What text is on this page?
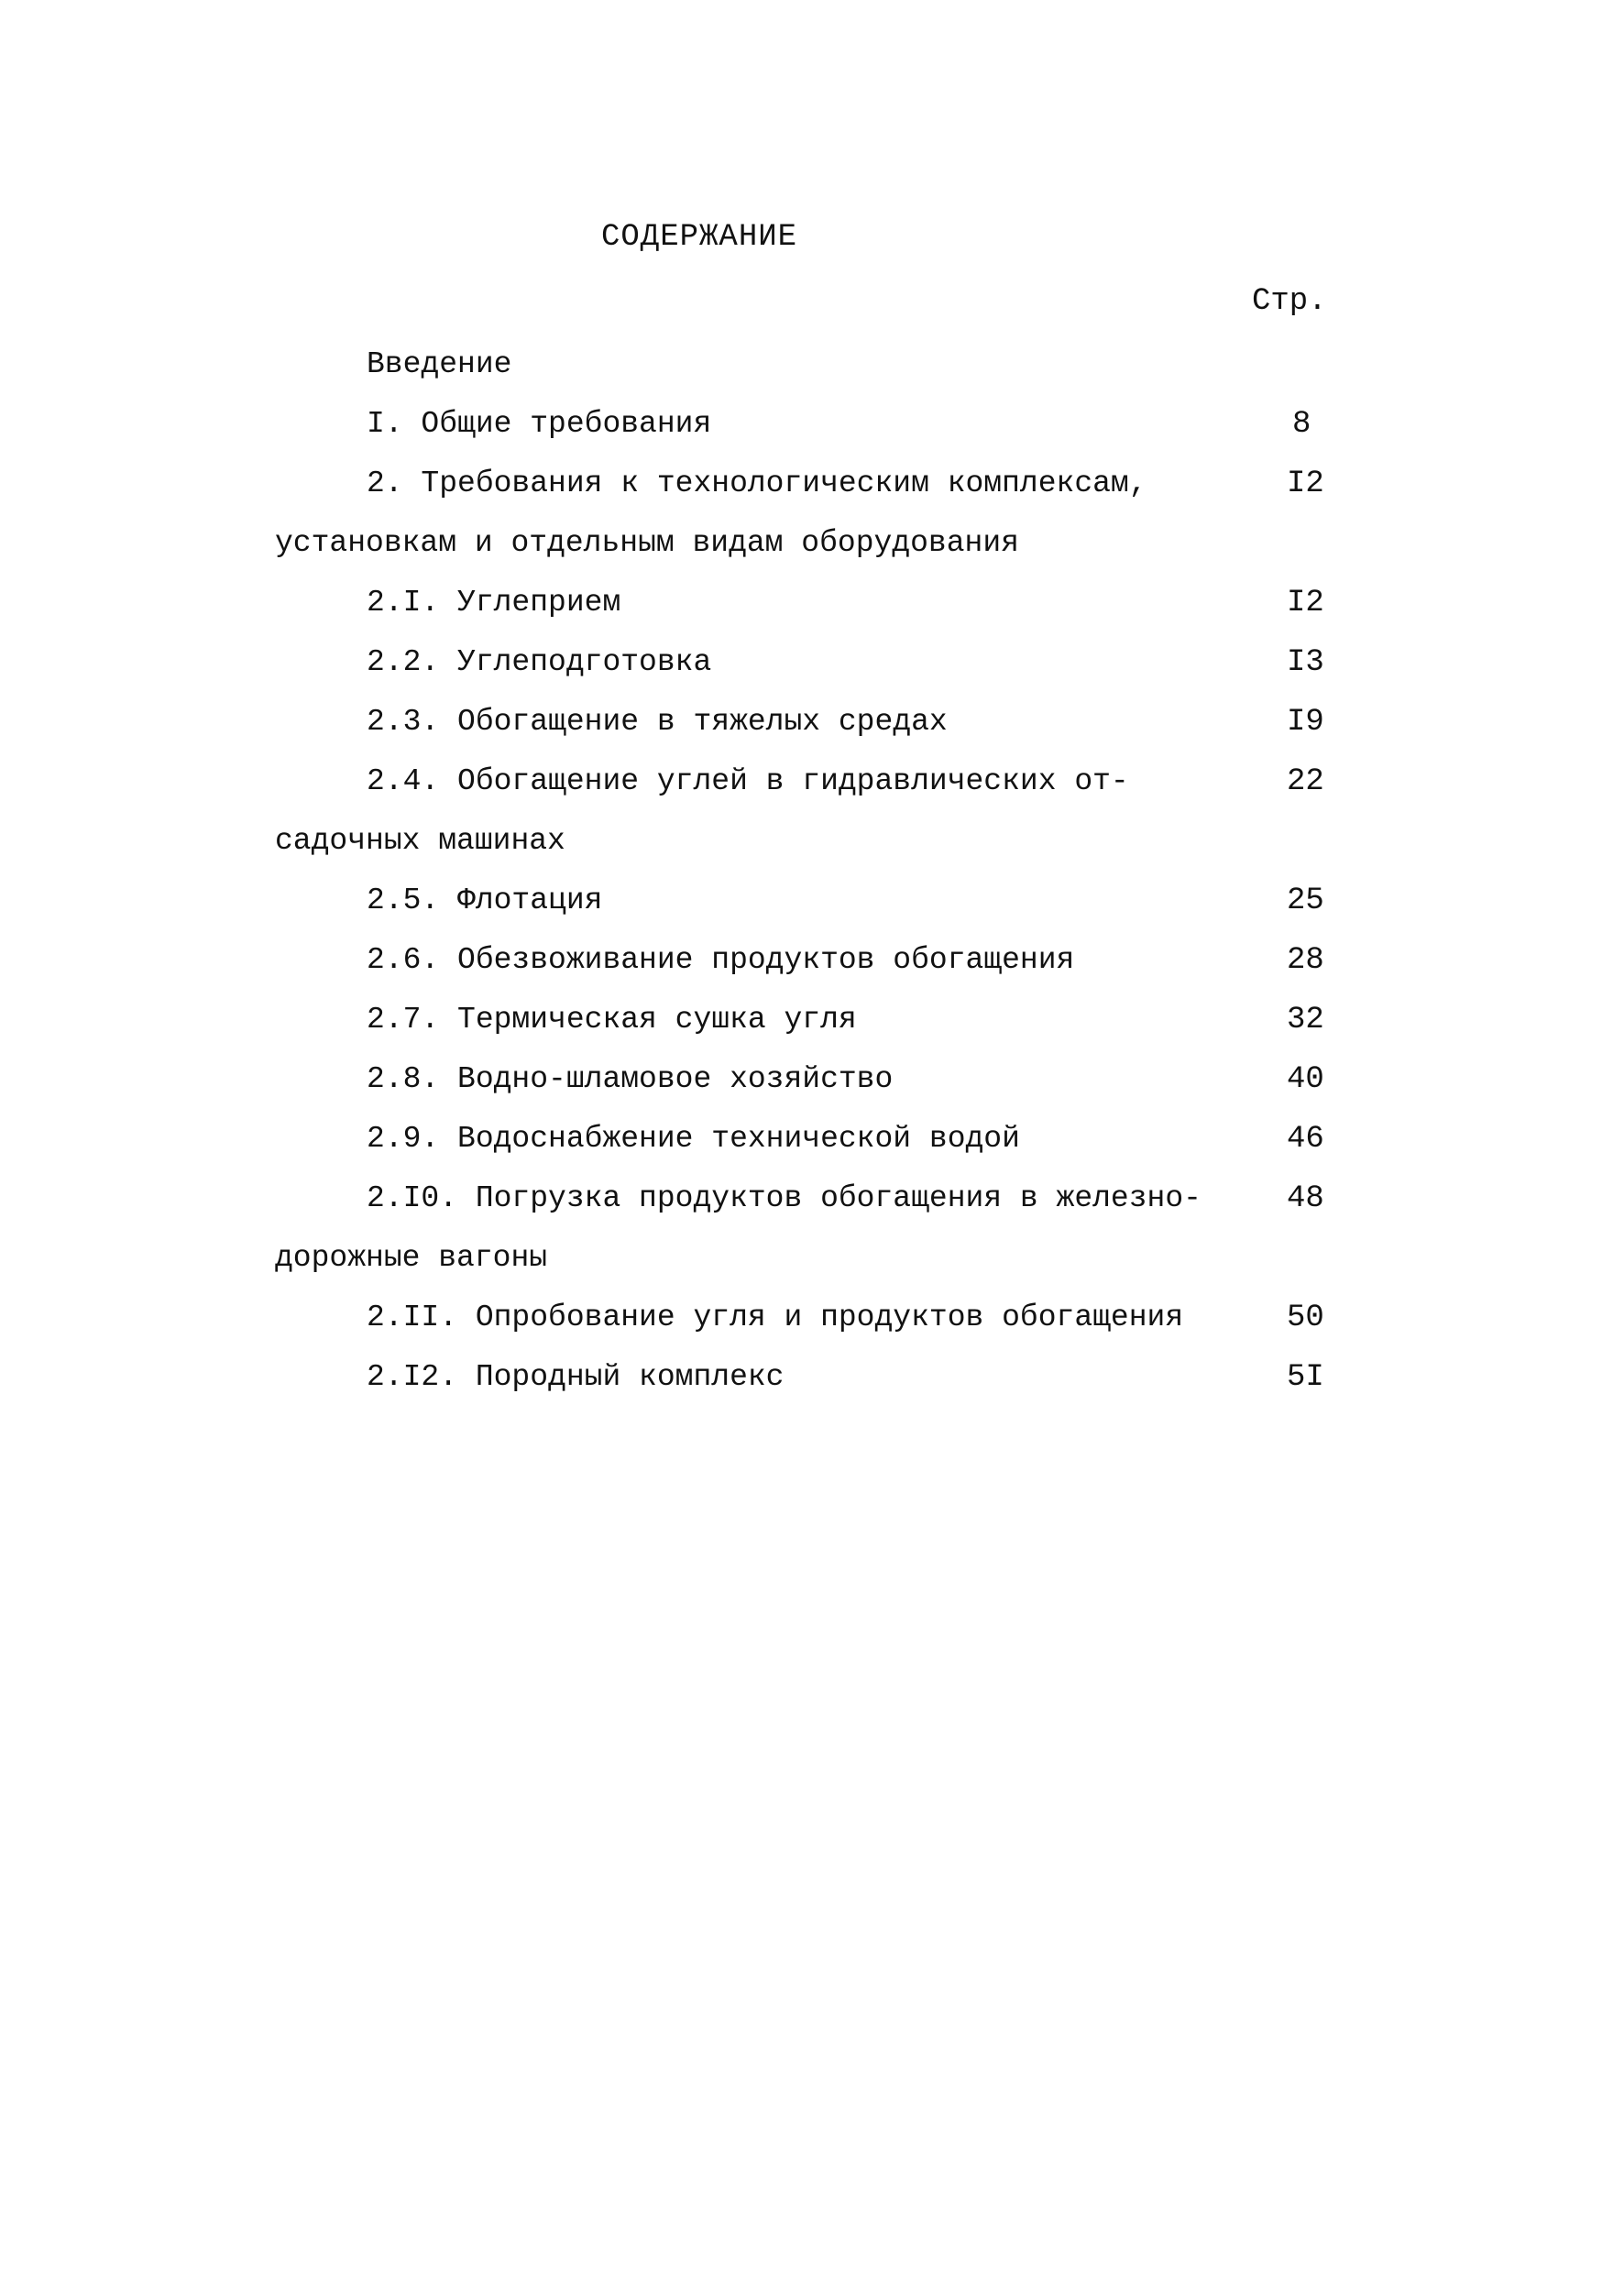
СОДЕРЖАНИЕ
Стр.
Введение
I. Общие требования	8
2. Требования к технологическим комплексам,	I2
установкам и отдельным видам оборудования
2.I. Углеприем	I2
2.2. Углеподготовка	I3
2.3. Обогащение в тяжелых средах	I9
2.4. Обогащение углей в гидравлических от-	22
садочных машинах
2.5. Флотация	25
2.6. Обезвоживание продуктов обогащения	28
2.7. Термическая сушка угля	32
2.8. Водно-шламовое хозяйство	40
2.9. Водоснабжение технической водой	46
2.I0. Погрузка продуктов обогащения в железно-	48
дорожные вагоны
2.II. Опробование угля и продуктов обогащения	50
2.I2. Породный комплекс	5I
